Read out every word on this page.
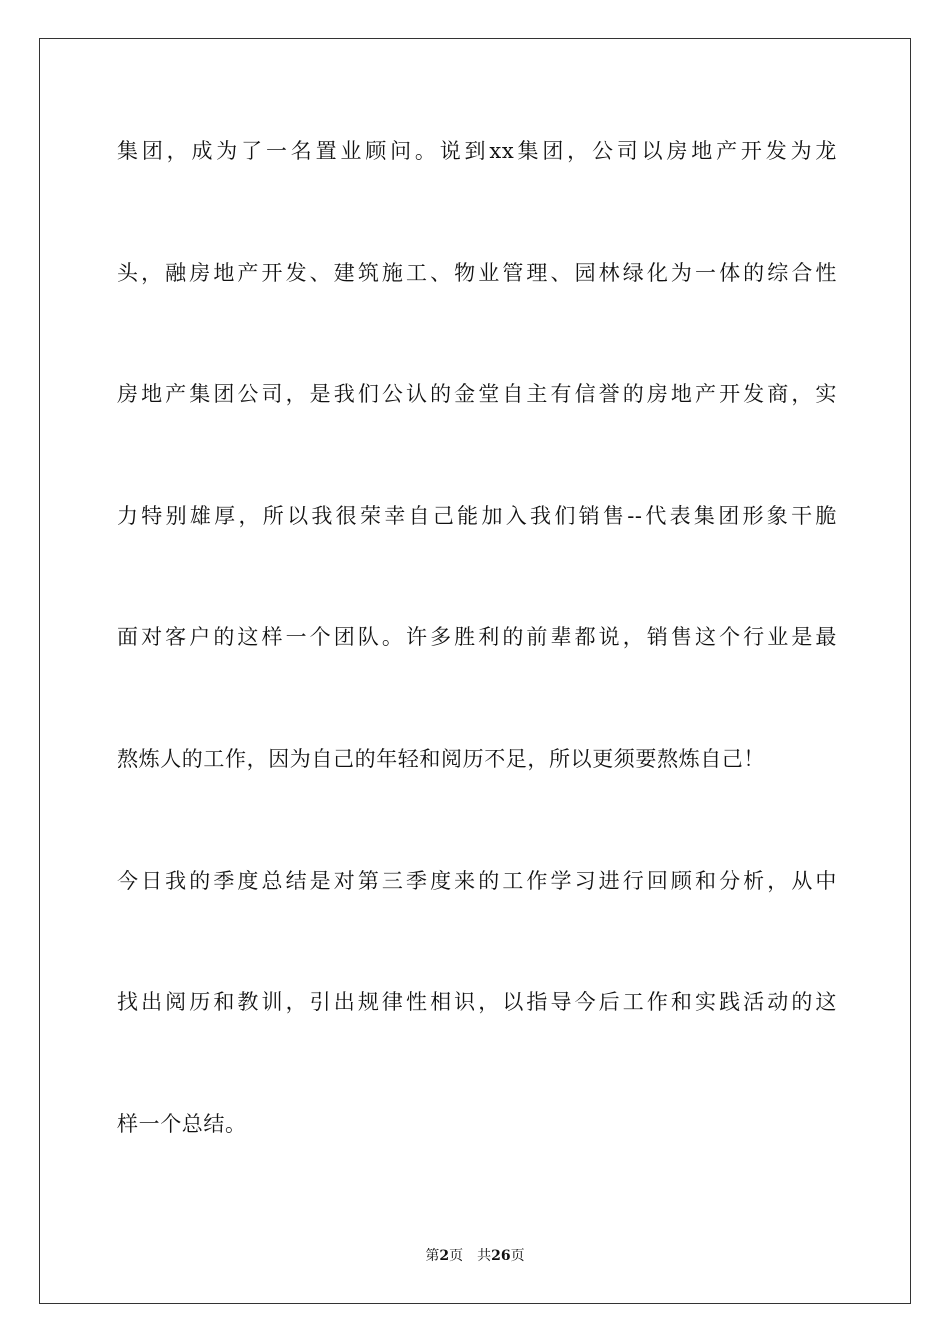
集团，成为了一名置业顾问。说到xx集团，公司以房地产开发为龙
头，融房地产开发、建筑施工、物业管理、园林绿化为一体的综合性
房地产集团公司，是我们公认的金堂自主有信誉的房地产开发商，实
力特别雄厚，所以我很荣幸自己能加入我们销售--代表集团形象干脆
面对客户的这样一个团队。许多胜利的前辈都说，销售这个行业是最
熬炼人的工作，因为自己的年轻和阅历不足，所以更须要熬炼自己！
今日我的季度总结是对第三季度来的工作学习进行回顾和分析，从中
找出阅历和教训，引出规律性相识，以指导今后工作和实践活动的这
样一个总结。
第2页 共26页
